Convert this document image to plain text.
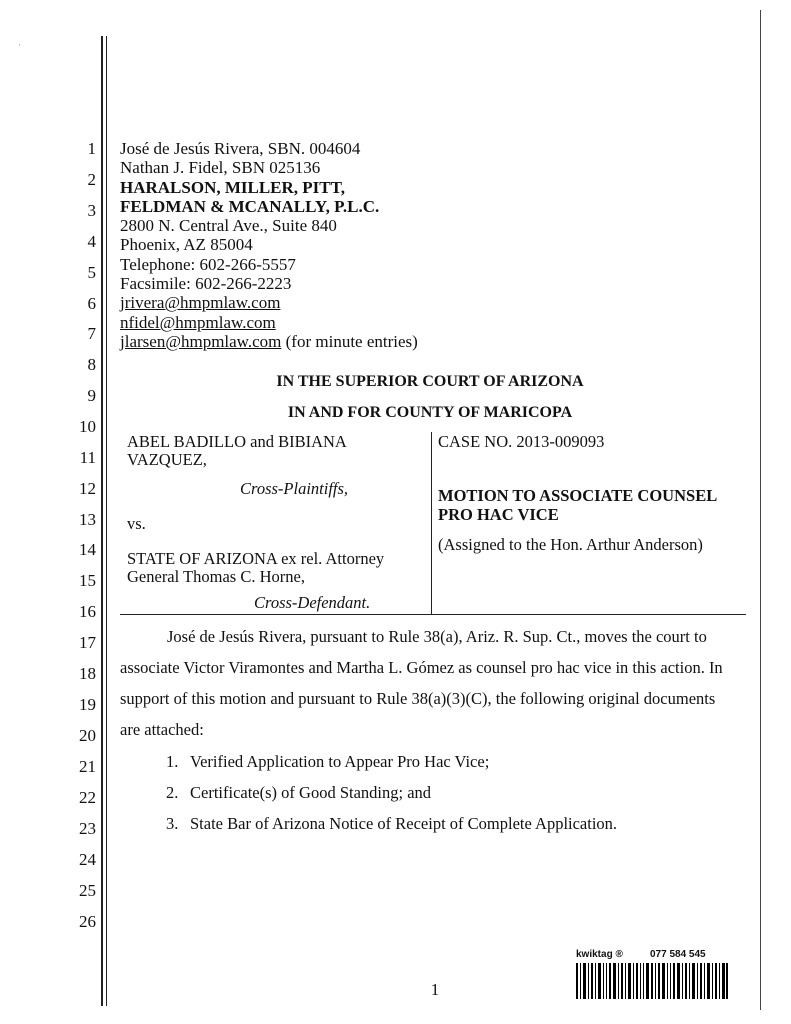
·
1
2
3
4
5
6
7
8
9
10
11
12
13
14
15
16
17
18
19
20
21
22
23
24
25
26
José de Jesús Rivera, SBN. 004604
Nathan J. Fidel, SBN 025136
HARALSON, MILLER, PITT,
FELDMAN & MCANALLY, P.L.C.
2800 N. Central Ave., Suite 840
Phoenix, AZ 85004
Telephone: 602-266-5557
Facsimile: 602-266-2223
jrivera@hmpmlaw.com
nfidel@hmpmlaw.com
jlarsen@hmpmlaw.com (for minute entries)
IN THE SUPERIOR COURT OF ARIZONA
IN AND FOR COUNTY OF MARICOPA
ABEL BADILLO and BIBIANA
VAZQUEZ,
Cross-Plaintiffs,
vs.
STATE OF ARIZONA ex rel. Attorney
General Thomas C. Horne,
Cross-Defendant.
CASE NO. 2013-009093
MOTION TO ASSOCIATE COUNSEL
PRO HAC VICE
(Assigned to the Hon. Arthur Anderson)
José de Jesús Rivera, pursuant to Rule 38(a), Ariz. R. Sup. Ct., moves the court to
associate Victor Viramontes and Martha L. Gómez as counsel pro hac vice in this action. In
support of this motion and pursuant to Rule 38(a)(3)(C), the following original documents
are attached:
1. Verified Application to Appear Pro Hac Vice;
2. Certificate(s) of Good Standing; and
3. State Bar of Arizona Notice of Receipt of Complete Application.
1
kwiktag ®	077 584 545
